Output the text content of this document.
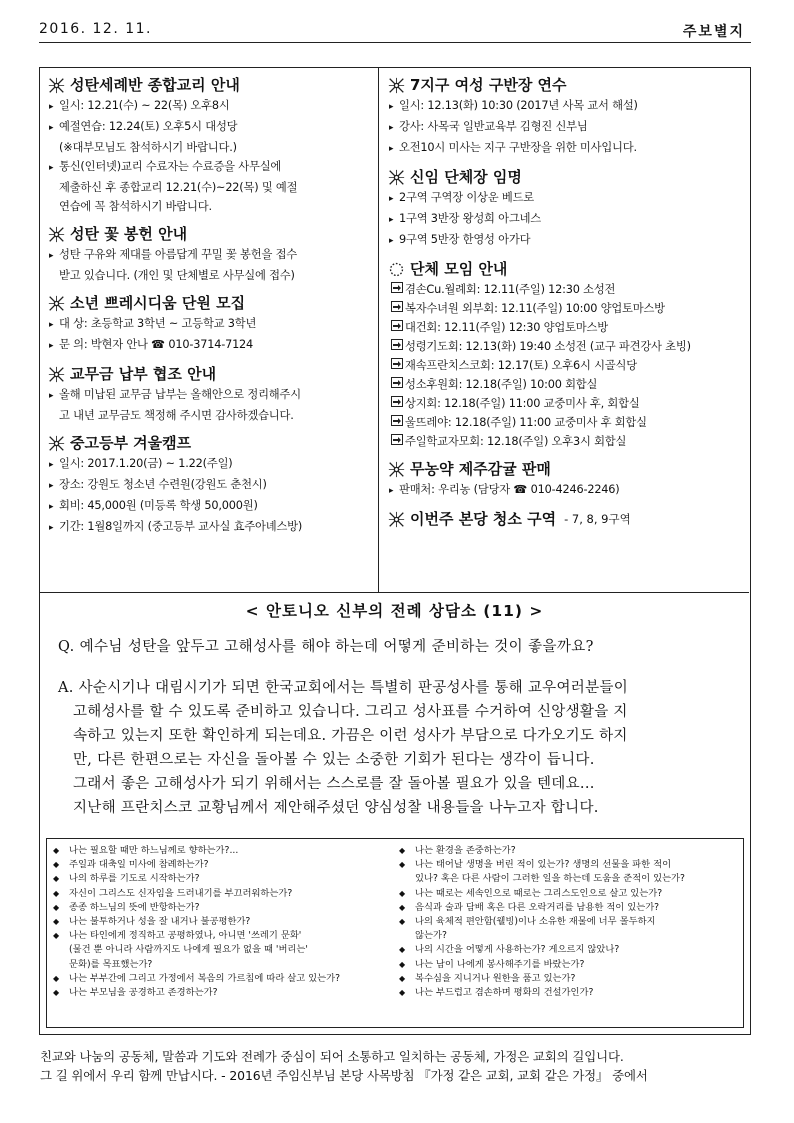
2016. 12. 11.	주보별지
성탄세례반 종합교리 안내
▸ 일시: 12.21(수) ~ 22(목) 오후8시
▸ 예절연습: 12.24(토) 오후5시 대성당
(※대부모님도 참석하시기 바랍니다.)
▸ 통신(인터넷)교리 수료자는 수료증을 사무실에
제출하신 후 종합교리 12.21(수)~22(목) 및 예절
연습에 꼭 참석하시기 바랍니다.
성탄 꽃 봉헌 안내
▸ 성탄 구유와 제대를 아름답게 꾸밀 꽃 봉헌을 접수
받고 있습니다. (개인 및 단체별로 사무실에 접수)
소년 쁘레시디움 단원 모집
▸ 대 상: 초등학교 3학년 ~ 고등학교 3학년
▸ 문 의: 박현자 안나 ☎ 010-3714-7124
교무금 납부 협조 안내
▸ 올해 미납된 교무금 납부는 올해안으로 정리해주시
고 내년 교무금도 책정해 주시면 감사하겠습니다.
중고등부 겨울캠프
▸ 일시: 2017.1.20(금) ~ 1.22(주일)
▸ 장소: 강원도 청소년 수련원(강원도 춘천시)
▸ 회비: 45,000원 (미등록 학생 50,000원)
▸ 기간: 1월8일까지 (중고등부 교사실 효주아녜스방)
7지구 여성 구반장 연수
▸ 일시: 12.13(화) 10:30 (2017년 사목 교서 해설)
▸ 강사: 사목국 일반교육부 김형진 신부님
▸ 오전10시 미사는 지구 구반장을 위한 미사입니다.
신임 단체장 임명
▸ 2구역 구역장 이상운 베드로
▸ 1구역 3반장 왕성희 아그네스
▸ 9구역 5반장 한영성 아가다
단체 모임 안내
겸손Cu.월례회: 12.11(주일) 12:30 소성전
복자수녀원 외부회: 12.11(주일) 10:00 양업토마스방
대건회: 12.11(주일) 12:30 양업토마스방
성령기도회: 12.13(화) 19:40 소성전 (교구 파견강사 초빙)
재속프란치스코회: 12.17(토) 오후6시 시골식당
성소후원회: 12.18(주일) 10:00 회합실
상지회: 12.18(주일) 11:00 교중미사 후, 회합실
울뜨레야: 12.18(주일) 11:00 교중미사 후 회합실
주일학교자모회: 12.18(주일) 오후3시 회합실
무농약 제주감귤 판매
▸ 판매처: 우리농 (담당자 ☎ 010-4246-2246)
이번주 본당 청소 구역 - 7, 8, 9구역
< 안토니오 신부의 전례 상담소 (11) >
Q. 예수님 성탄을 앞두고 고해성사를 해야 하는데 어떻게 준비하는 것이 좋을까요?
A. 사순시기나 대림시기가 되면 한국교회에서는 특별히 판공성사를 통해 교우여러분들이
고해성사를 할 수 있도록 준비하고 있습니다. 그리고 성사표를 수거하여 신앙생활을 지
속하고 있는지 또한 확인하게 되는데요. 가끔은 이런 성사가 부담으로 다가오기도 하지
만, 다른 한편으로는 자신을 돌아볼 수 있는 소중한 기회가 된다는 생각이 듭니다.
그래서 좋은 고해성사가 되기 위해서는 스스로를 잘 돌아볼 필요가 있을 텐데요...
지난해 프란치스코 교황님께서 제안해주셨던 양심성찰 내용들을 나누고자 합니다.
◆	나는 필요할 때만 하느님께로 향하는가?...
◆	주일과 대축일 미사에 참례하는가?
◆	나의 하루를 기도로 시작하는가?
◆	자신이 그리스도 신자임을 드러내기를 부끄러워하는가?
◆	종종 하느님의 뜻에 반항하는가?
◆	나는 불투하거나 성을 잘 내거나 불공평한가?
◆	나는 타인에게 정직하고 공평하였나, 아니면 '쓰레기 문화'
(물건 뿐 아니라 사람까지도 나에게 필요가 없을 때 '버리는'
문화)를 목표했는가?
◆	나는 부부간에 그리고 가정에서 복음의 가르침에 따라 살고 있는가?
◆	나는 부모님을 공경하고 존경하는가?
◆	나는 환경을 존중하는가?
◆	나는 태어날 생명을 버린 적이 있는가? 생명의 선물을 파한 적이
있나? 혹은 다른 사람이 그러한 일을 하는데 도움을 준적이 있는가?
◆	나는 때로는 세속인으로 때로는 그리스도인으로 살고 있는가?
◆	음식과 술과 담배 혹은 다른 오락거리를 남용한 적이 있는가?
◆	나의 육체적 편안함(웰빙)이나 소유한 재물에 너무 몰두하지
않는가?
◆	나의 시간을 어떻게 사용하는가? 게으르지 않았나?
◆	나는 남이 나에게 봉사해주기를 바랐는가?
◆	복수심을 지니거나 원한을 품고 있는가?
◆	나는 부드럽고 겸손하며 평화의 건설가인가?
친교와 나눔의 공동체, 말씀과 기도와 전례가 중심이 되어 소통하고 일치하는 공동체, 가정은 교회의 길입니다.
그 길 위에서 우리 함께 만납시다. - 2016년 주임신부님 본당 사목방침 『가정 같은 교회, 교회 같은 가정』 중에서
